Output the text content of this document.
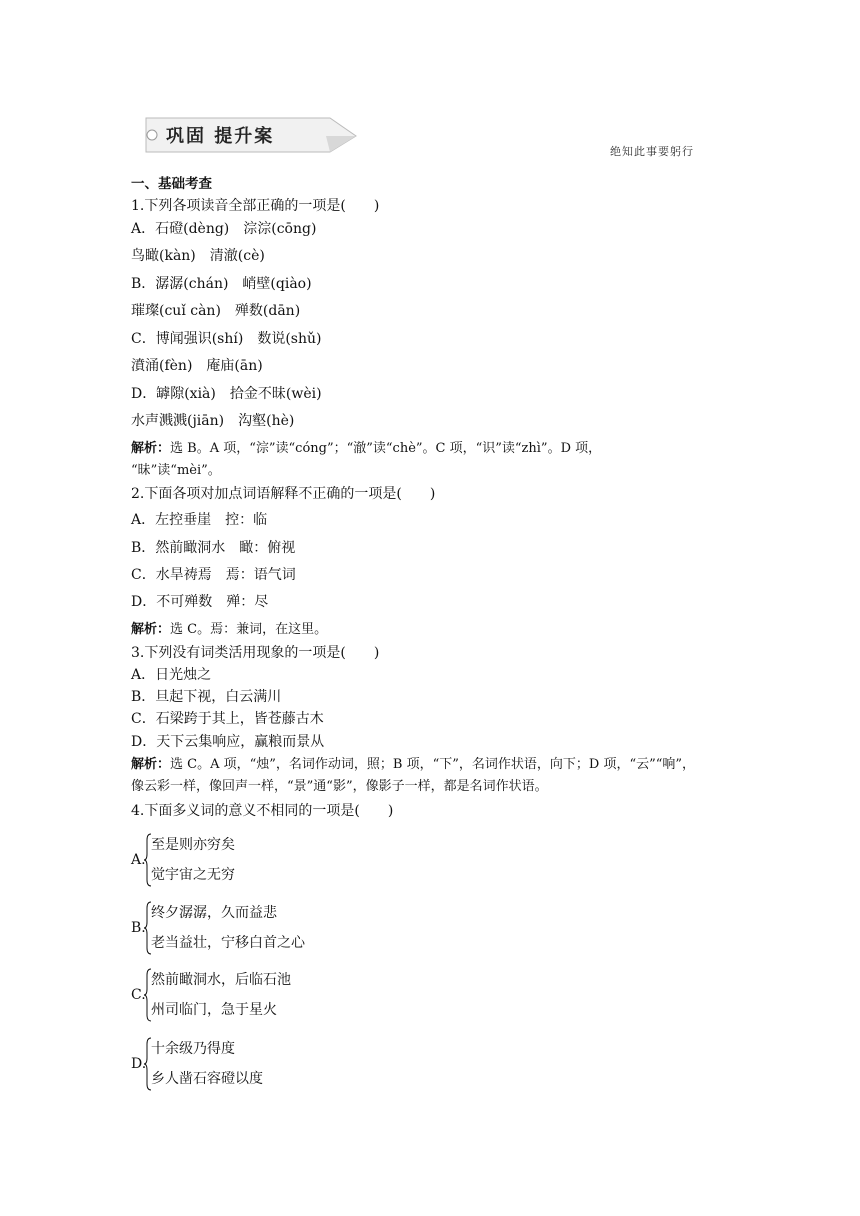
巩固 提升案
绝知此事要躬行
一、基础考查
1.下列各项读音全部正确的一项是(　　)
A．石磴(dèng)　淙淙(cōng)
鸟瞰(kàn)　清澈(cè)
B．潺潺(chán)　峭壁(qiào)
璀璨(cuǐ càn)　殚数(dān)
C．博闻强识(shí)　数说(shǔ)
濆涌(fèn)　庵庙(ān)
D．罅隙(xià)　拾金不昧(wèi)
水声溅溅(jiān)　沟壑(hè)
解析：选 B。A 项，“淙”读“cóng”；“澈”读“chè”。C 项，“识”读“zhì”。D 项，
“昧”读“mèi”。
2.下面各项对加点词语解释不正确的一项是(　　)
A．左控垂崖　控：临
B．然前瞰洞水　瞰：俯视
C．水旱祷焉　焉：语气词
D．不可殚数　殚：尽
解析：选 C。焉：兼词，在这里。
3.下列没有词类活用现象的一项是(　　)
A．日光烛之
B．旦起下视，白云满川
C．石梁跨于其上，皆苍藤古木
D．天下云集响应，赢粮而景从
解析：选 C。A 项，“烛”，名词作动词，照；B 项，“下”，名词作状语，向下；D 项，“云”“响”，
像云彩一样，像回声一样，“景”通“影”，像影子一样，都是名词作状语。
4.下面多义词的意义不相同的一项是(　　)
A.
至是则亦穷矣
觉宇宙之无穷
B.
终夕潺潺，久而益悲
老当益壮，宁移白首之心
C.
然前瞰洞水，后临石池
州司临门，急于星火
D.
十余级乃得度
乡人凿石容磴以度
